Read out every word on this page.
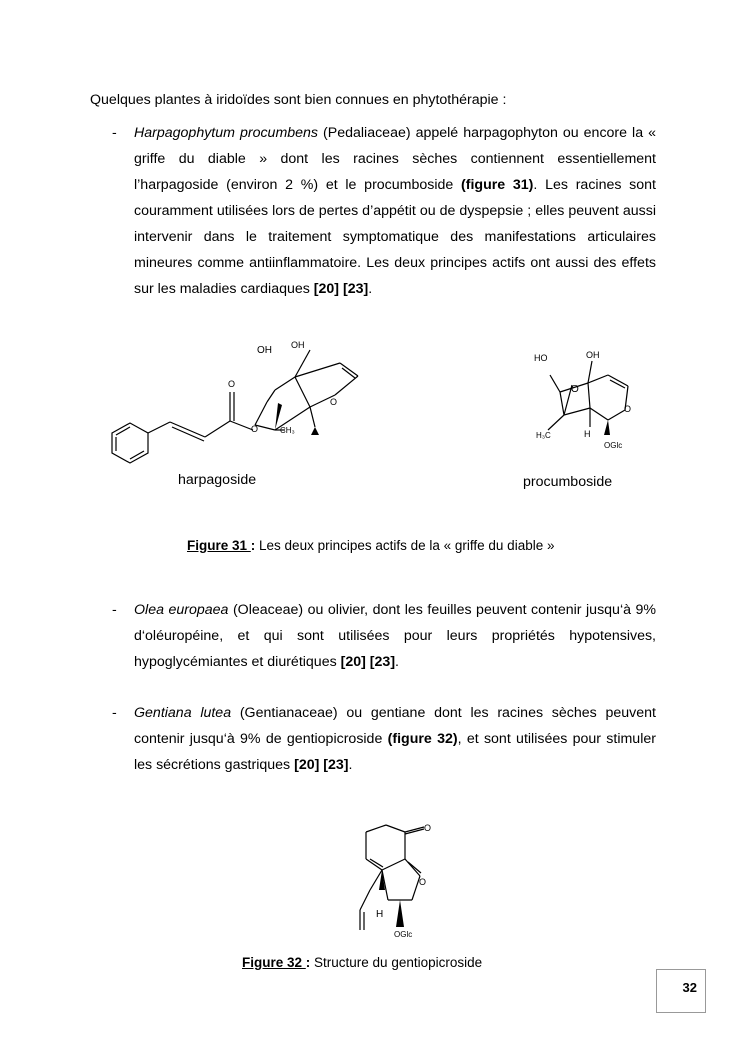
Quelques plantes à iridoïdes sont bien connues en phytothérapie :
- Harpagophytum procumbens (Pedaliaceae) appelé harpagophyton ou encore la « griffe du diable » dont les racines sèches contiennent essentiellement l’harpagoside (environ 2 %) et le procumboside (figure 31). Les racines sont couramment utilisées lors de pertes d’appétit ou de dyspepsie ; elles peuvent aussi intervenir dans le traitement symptomatique des manifestations articulaires mineures comme antiinflammatoire. Les deux principes actifs ont aussi des effets sur les maladies cardiaques [20] [23].
OH OH
O
O
O
CH₃
HO	OH
O
O
H₃C	H
OGlc
harpagoside	procumboside
Figure 31 : Les deux principes actifs de la « griffe du diable »
- Olea europaea (Oleaceae) ou olivier, dont les feuilles peuvent contenir jusqu‘à 9% d‘oléuropéine, et qui sont utilisées pour leurs propriétés hypotensives, hypoglycémiantes et diurétiques [20] [23].
- Gentiana lutea (Gentianaceae) ou gentiane dont les racines sèches peuvent contenir jusqu‘à 9% de gentiopicroside (figure 32), et sont utilisées pour stimuler les sécrétions gastriques [20] [23].
O
O
H
OGlc
Figure 32 : Structure du gentiopicroside
32
